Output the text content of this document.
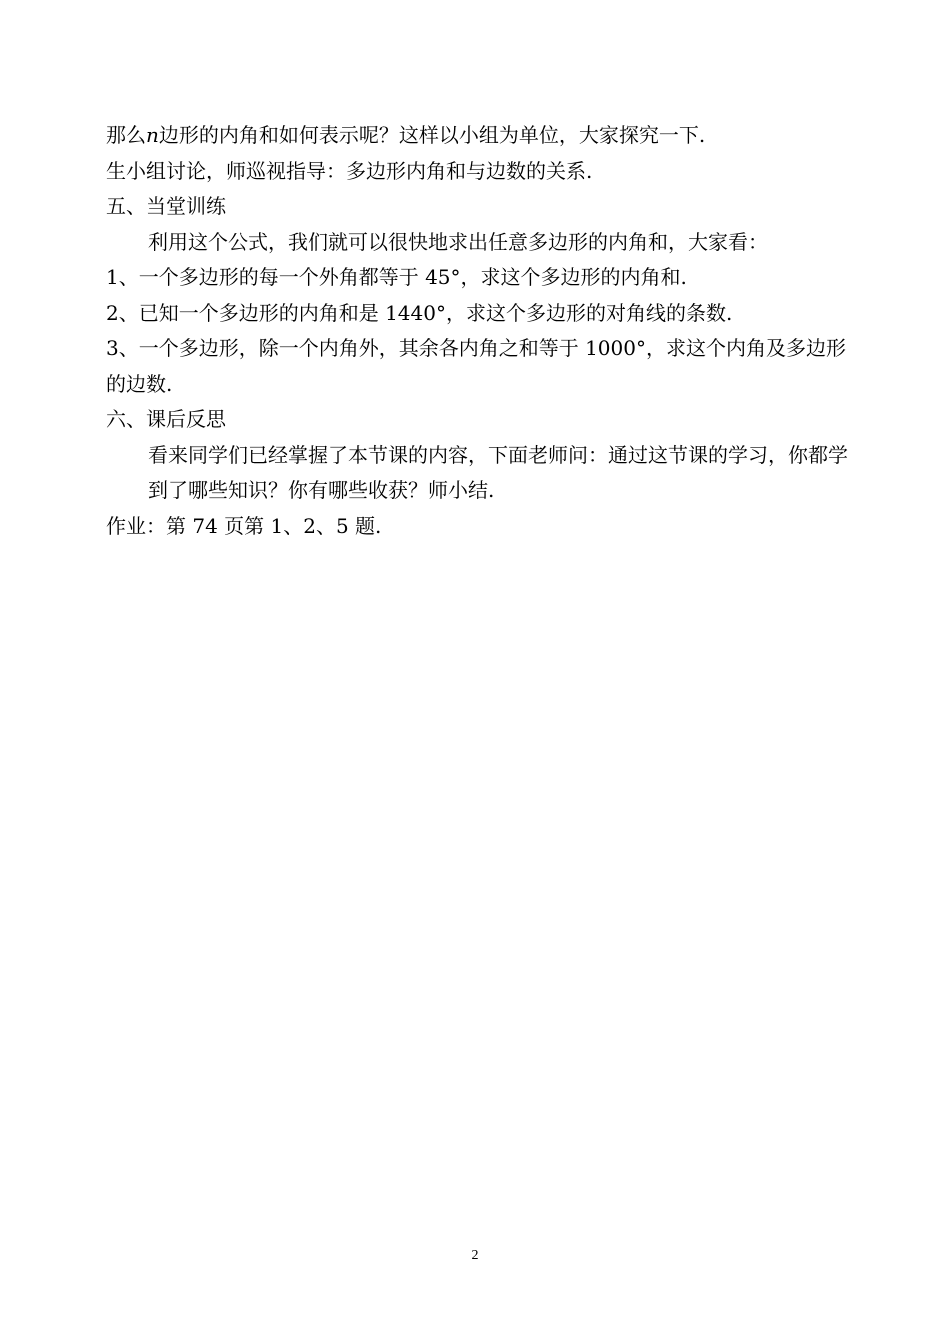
那么n边形的内角和如何表示呢？这样以小组为单位，大家探究一下.
生小组讨论，师巡视指导：多边形内角和与边数的关系.
五、当堂训练
利用这个公式，我们就可以很快地求出任意多边形的内角和，大家看：
1、一个多边形的每一个外角都等于 45°，求这个多边形的内角和.
2、已知一个多边形的内角和是 1440°，求这个多边形的对角线的条数.
3、一个多边形，除一个内角外，其余各内角之和等于 1000°，求这个内角及多边形的边数.
六、课后反思
看来同学们已经掌握了本节课的内容，下面老师问：通过这节课的学习，你都学到了哪些知识？你有哪些收获？师小结.
作业：第 74 页第 1、2、5 题.
2
